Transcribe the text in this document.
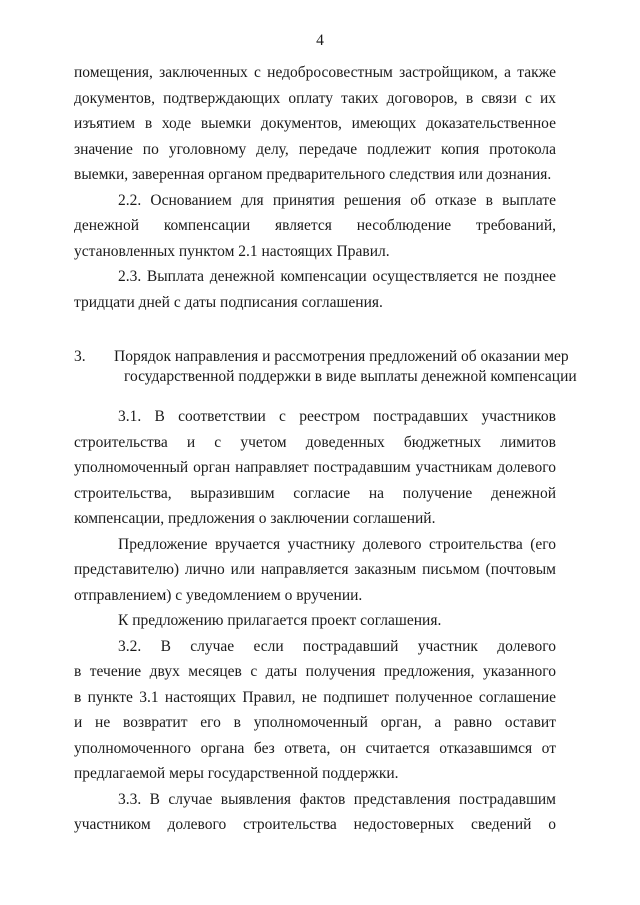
4
помещения, заключенных с недобросовестным застройщиком, а также
документов, подтверждающих оплату таких договоров, в связи с их
изъятием в ходе выемки документов, имеющих доказательственное
значение по уголовному делу, передаче подлежит копия протокола
выемки, заверенная органом предварительного следствия или дознания.
2.2. Основанием для принятия решения об отказе в выплате
денежной компенсации является несоблюдение требований,
установленных пунктом 2.1 настоящих Правил.
2.3. Выплата денежной компенсации осуществляется не позднее
тридцати дней с даты подписания соглашения.
3. Порядок направления и рассмотрения предложений об оказании мер
государственной поддержки в виде выплаты денежной компенсации
3.1. В соответствии с реестром пострадавших участников
строительства и с учетом доведенных бюджетных лимитов
уполномоченный орган направляет пострадавшим участникам долевого
строительства, выразившим согласие на получение денежной
компенсации, предложения о заключении соглашений.
Предложение вручается участнику долевого строительства (его
представителю) лично или направляется заказным письмом (почтовым
отправлением) с уведомлением о вручении.
К предложению прилагается проект соглашения.
3.2. В случае если пострадавший участник долевого
в течение двух месяцев с даты получения предложения, указанного
в пункте 3.1 настоящих Правил, не подпишет полученное соглашение
и не возвратит его в уполномоченный орган, а равно оставит
уполномоченного органа без ответа, он считается отказавшимся от
предлагаемой меры государственной поддержки.
3.3. В случае выявления фактов представления пострадавшим
участником долевого строительства недостоверных сведений о
